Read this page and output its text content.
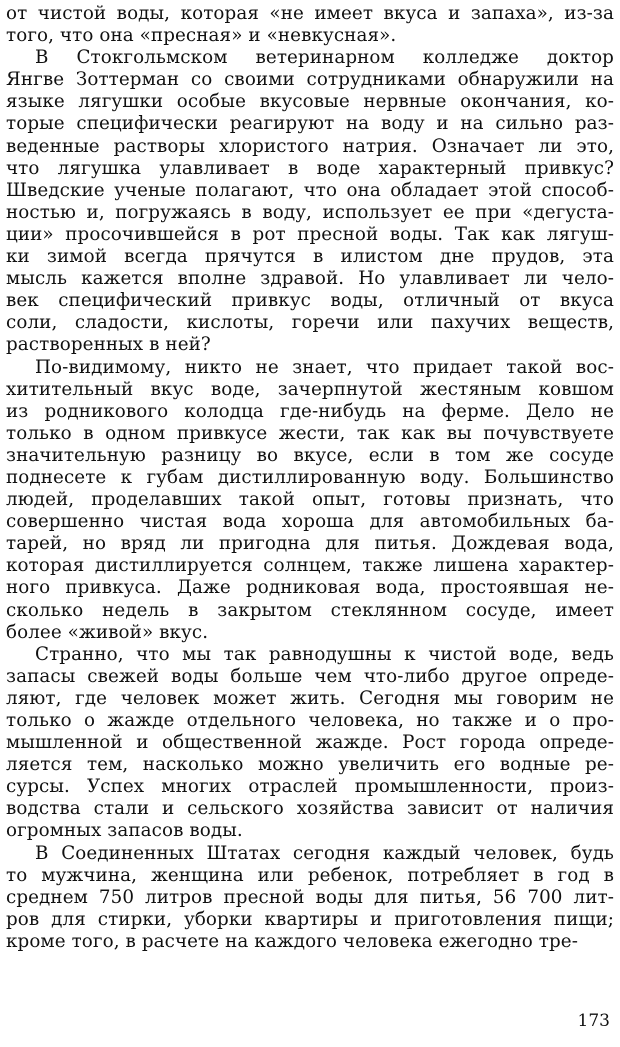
от чистой воды, которая «не имеет вкуса и запаха», из-за
того, что она «пресная» и «невкусная».
В Стокгольмском ветеринарном колледже доктор
Янгве Зоттерман со своими сотрудниками обнаружили на
языке лягушки особые вкусовые нервные окончания, ко-
торые специфически реагируют на воду и на сильно раз-
веденные растворы хлористого натрия. Означает ли это,
что лягушка улавливает в воде характерный привкус?
Шведские ученые полагают, что она обладает этой способ-
ностью и, погружаясь в воду, использует ее при «дегуста-
ции» просочившейся в рот пресной воды. Так как лягуш-
ки зимой всегда прячутся в илистом дне прудов, эта
мысль кажется вполне здравой. Но улавливает ли чело-
век специфический привкус воды, отличный от вкуса
соли, сладости, кислоты, горечи или пахучих веществ,
растворенных в ней?
По-видимому, никто не знает, что придает такой вос-
хитительный вкус воде, зачерпнутой жестяным ковшом
из родникового колодца где-нибудь на ферме. Дело не
только в одном привкусе жести, так как вы почувствуете
значительную разницу во вкусе, если в том же сосуде
поднесете к губам дистиллированную воду. Большинство
людей, проделавших такой опыт, готовы признать, что
совершенно чистая вода хороша для автомобильных ба-
тарей, но вряд ли пригодна для питья. Дождевая вода,
которая дистиллируется солнцем, также лишена характер-
ного привкуса. Даже родниковая вода, простоявшая не-
сколько недель в закрытом стеклянном сосуде, имеет
более «живой» вкус.
Странно, что мы так равнодушны к чистой воде, ведь
запасы свежей воды больше чем что-либо другое опреде-
ляют, где человек может жить. Сегодня мы говорим не
только о жажде отдельного человека, но также и о про-
мышленной и общественной жажде. Рост города опреде-
ляется тем, насколько можно увеличить его водные ре-
сурсы. Успех многих отраслей промышленности, произ-
водства стали и сельского хозяйства зависит от наличия
огромных запасов воды.
В Соединенных Штатах сегодня каждый человек, будь
то мужчина, женщина или ребенок, потребляет в год в
среднем 750 литров пресной воды для питья, 56 700 лит-
ров для стирки, уборки квартиры и приготовления пищи;
кроме того, в расчете на каждого человека ежегодно тре-
173
